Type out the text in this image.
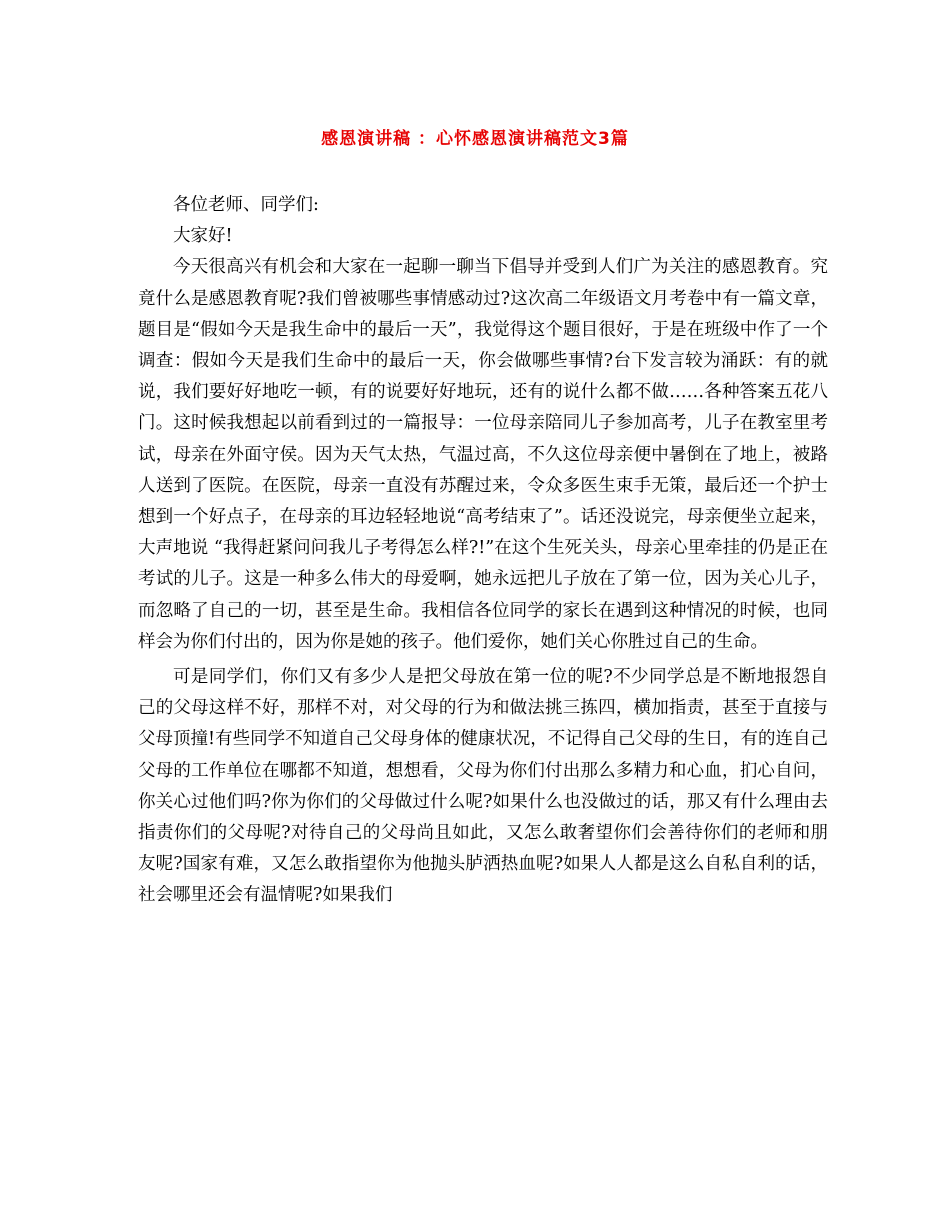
感恩演讲稿 ：心怀感恩演讲稿范文3篇

各位老师、同学们:

大家好!

今天很高兴有机会和大家在一起聊一聊当下倡导并受到人们广为关注的感恩教育。究竟什么是感恩教育呢?我们曾被哪些事情感动过?这次高二年级语文月考卷中有一篇文章，题目是“假如今天是我生命中的最后一天”，我觉得这个题目很好，于是在班级中作了一个调查：假如今天是我们生命中的最后一天，你会做哪些事情?台下发言较为涌跃：有的就说，我们要好好地吃一顿，有的说要好好地玩，还有的说什么都不做……各种答案五花八门。这时候我想起以前看到过的一篇报导：一位母亲陪同儿子参加高考，儿子在教室里考试，母亲在外面守侯。因为天气太热，气温过高，不久这位母亲便中暑倒在了地上，被路人送到了医院。在医院，母亲一直没有苏醒过来，令众多医生束手无策，最后还一个护士想到一个好点子，在母亲的耳边轻轻地说“高考结束了”。话还没说完，母亲便坐立起来，大声地说 “我得赶紧问问我儿子考得怎么样?!”在这个生死关头，母亲心里牵挂的仍是正在考试的儿子。这是一种多么伟大的母爱啊，她永远把儿子放在了第一位，因为关心儿子，而忽略了自己的一切，甚至是生命。我相信各位同学的家长在遇到这种情况的时候，也同样会为你们付出的，因为你是她的孩子。他们爱你，她们关心你胜过自己的生命。

可是同学们，你们又有多少人是把父母放在第一位的呢?不少同学总是不断地报怨自己的父母这样不好，那样不对，对父母的行为和做法挑三拣四，横加指责，甚至于直接与父母顶撞!有些同学不知道自己父母身体的健康状况，不记得自己父母的生日，有的连自己父母的工作单位在哪都不知道，想想看，父母为你们付出那么多精力和心血，扪心自问，你关心过他们吗?你为你们的父母做过什么呢?如果什么也没做过的话，那又有什么理由去指责你们的父母呢?对待自己的父母尚且如此，又怎么敢奢望你们会善待你们的老师和朋友呢?国家有难，又怎么敢指望你为他抛头胪洒热血呢?如果人人都是这么自私自利的话，社会哪里还会有温情呢?如果我们
